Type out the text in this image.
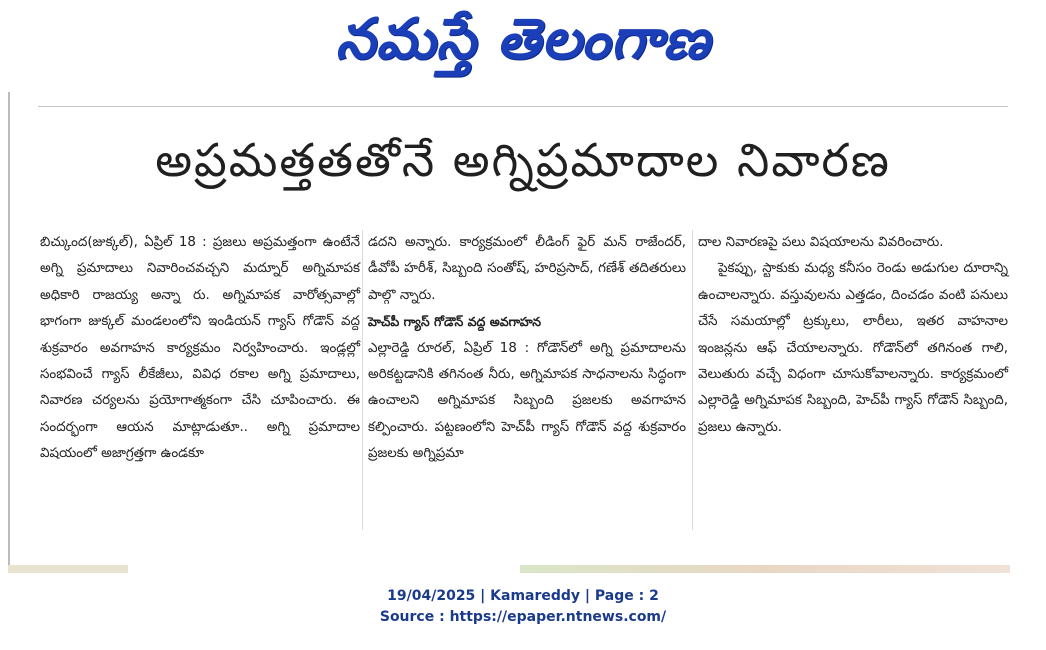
నమస్తే తెలంగాణ
అప్రమత్తతతోనే అగ్నిప్రమాదాల నివారణ

బిచ్కుంద(జుక్కల్), ఏప్రిల్ 18 : ప్రజలు అప్రమత్తంగా ఉంటేనే అగ్ని ప్రమాదాలు నివారించవచ్చని మద్నూర్ అగ్నిమాపక అధికారి రాజయ్య అన్నా రు. అగ్నిమాపక వారోత్సవాల్లో భాగంగా జుక్కల్ మండలంలోని ఇండియన్ గ్యాస్ గోడౌన్ వద్ద శుక్రవారం అవగాహన కార్యక్రమం నిర్వహించారు. ఇండ్లల్లో సంభవించే గ్యాస్ లీకేజీలు, వివిధ రకాల అగ్ని ప్రమాదాలు, నివారణ చర్యలను ప్రయోగాత్మకంగా చేసి చూపించారు. ఈ సందర్భంగా ఆయన మాట్లాడుతూ.. అగ్ని ప్రమాదాల విషయంలో అజాగ్రత్తగా ఉండకూ

డదని అన్నారు. కార్యక్రమంలో లీడింగ్ ఫైర్ మన్ రాజేందర్, డీవోపీ హరీశ్, సిబ్బంది సంతోష్, హరిప్రసాద్, గణేశ్ తదితరులు పాల్గొ న్నారు.

హెచ్‌పీ గ్యాస్ గోడౌన్ వద్ద అవగాహన

ఎల్లారెడ్డి రూరల్, ఏప్రిల్ 18 : గోడౌన్‌లో అగ్ని ప్రమాదాలను అరికట్టడానికి తగినంత నీరు, అగ్నిమాపక సాధనాలను సిద్ధంగా ఉంచాలని అగ్నిమాపక సిబ్బంది ప్రజలకు అవగాహన కల్పించారు. పట్టణంలోని హెచ్‌పీ గ్యాస్ గోడౌన్ వద్ద శుక్రవారం ప్రజలకు అగ్నిప్రమా

దాల నివారణపై పలు విషయాలను వివరించారు.

పైకప్పు, స్టాకుకు మధ్య కనీసం రెండు అడుగుల దూరాన్ని ఉంచాలన్నారు. వస్తువులను ఎత్తడం, దించడం వంటి పనులు చేసే సమయాల్లో ట్రక్కులు, లారీలు, ఇతర వాహనాల ఇంజన్లను ఆఫ్ చేయాలన్నారు. గోడౌన్‌లో తగినంత గాలి, వెలుతురు వచ్చే విధంగా చూసుకోవాలన్నారు. కార్యక్రమంలో ఎల్లారెడ్డి అగ్నిమాపక సిబ్బంది, హెచ్‌పీ గ్యాస్ గోడౌన్ సిబ్బంది, ప్రజలు ఉన్నారు.

19/04/2025 | Kamareddy | Page : 2
Source : https://epaper.ntnews.com/
